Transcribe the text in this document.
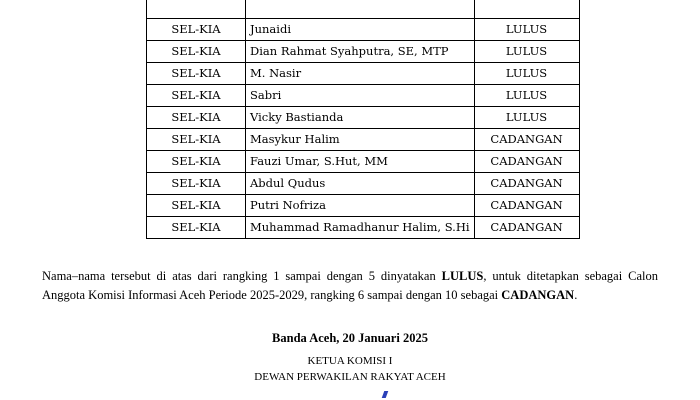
SEL-KIA	Junaidi	LULUS
SEL-KIA	Dian Rahmat Syahputra, SE, MTP	LULUS
SEL-KIA	M. Nasir	LULUS
SEL-KIA	Sabri	LULUS
SEL-KIA	Vicky Bastianda	LULUS
SEL-KIA	Masykur Halim	CADANGAN
SEL-KIA	Fauzi Umar, S.Hut, MM	CADANGAN
SEL-KIA	Abdul Qudus	CADANGAN
SEL-KIA	Putri Nofriza	CADANGAN
SEL-KIA	Muhammad Ramadhanur Halim, S.Hi	CADANGAN
Nama–nama tersebut di atas dari rangking 1 sampai dengan 5 dinyatakan LULUS, untuk ditetapkan sebagai Calon Anggota Komisi Informasi Aceh Periode 2025-2029, rangking 6 sampai dengan 10 sebagai CADANGAN.
Banda Aceh, 20 Januari 2025
KETUA KOMISI I
DEWAN PERWAKILAN RAKYAT ACEH
